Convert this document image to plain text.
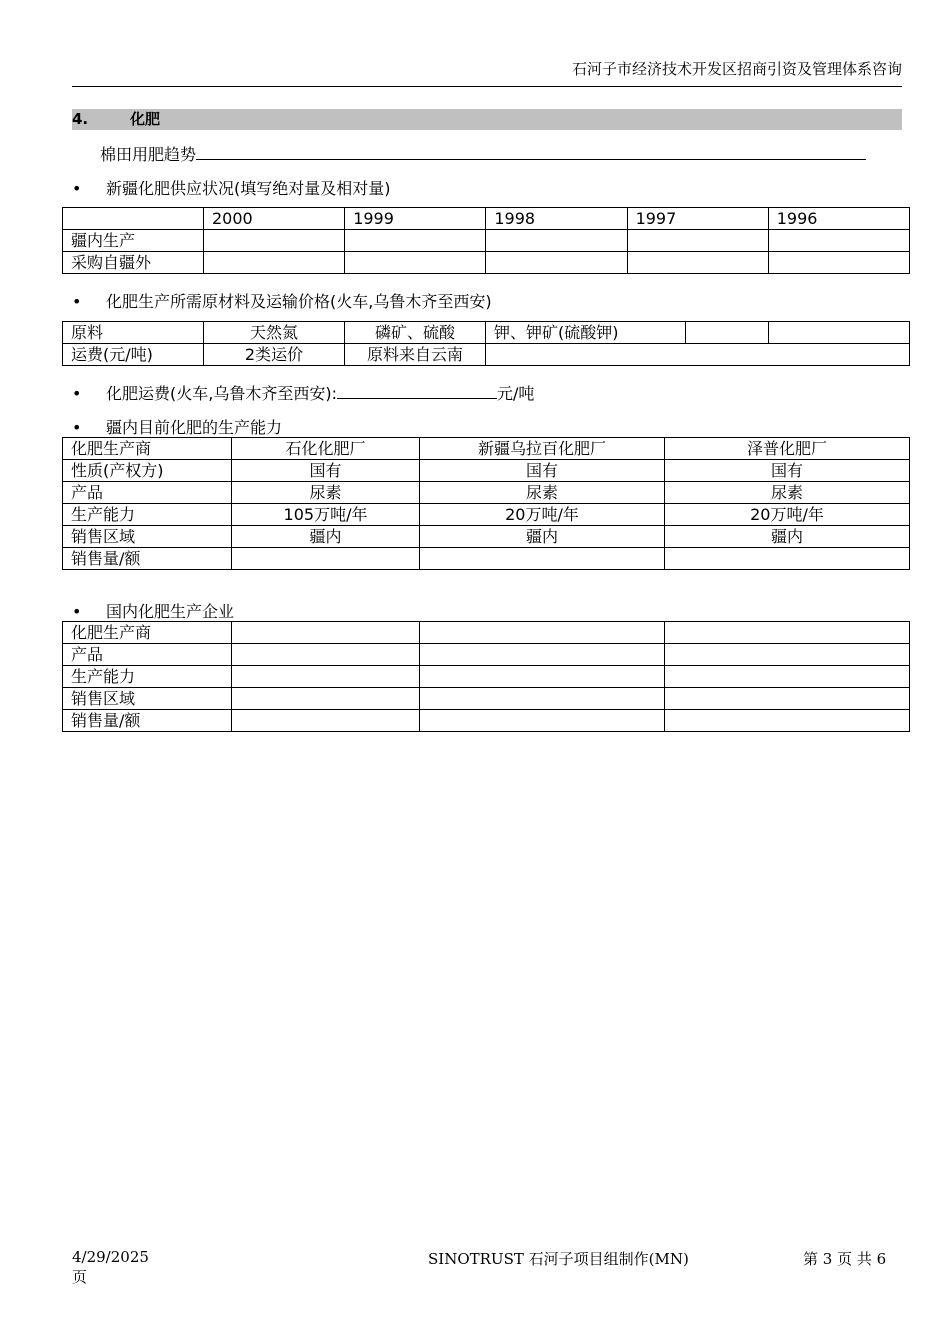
石河子市经济技术开发区招商引资及管理体系咨询
4.	化肥
棉田用肥趋势
• 新疆化肥供应状况(填写绝对量及相对量)
	2000	1999	1998	1997	1996
疆内生产					
采购自疆外					
• 化肥生产所需原材料及运输价格(火车,乌鲁木齐至西安)
原料	天然氮	磷矿、硫酸	钾、钾矿(硫酸钾)		
运费(元/吨)	2类运价	原料来自云南			
• 化肥运费(火车,乌鲁木齐至西安):	元/吨
• 疆内目前化肥的生产能力
化肥生产商	石化化肥厂	新疆乌拉百化肥厂	泽普化肥厂
性质(产权方)	国有	国有	国有
产品	尿素	尿素	尿素
生产能力	105万吨/年	20万吨/年	20万吨/年
销售区域	疆内	疆内	疆内
销售量/额			
• 国内化肥生产企业
化肥生产商			
产品			
生产能力			
销售区域			
销售量/额			
4/29/2025
页
SINOTRUST 石河子项目组制作(MN)	第 3 页 共 6
